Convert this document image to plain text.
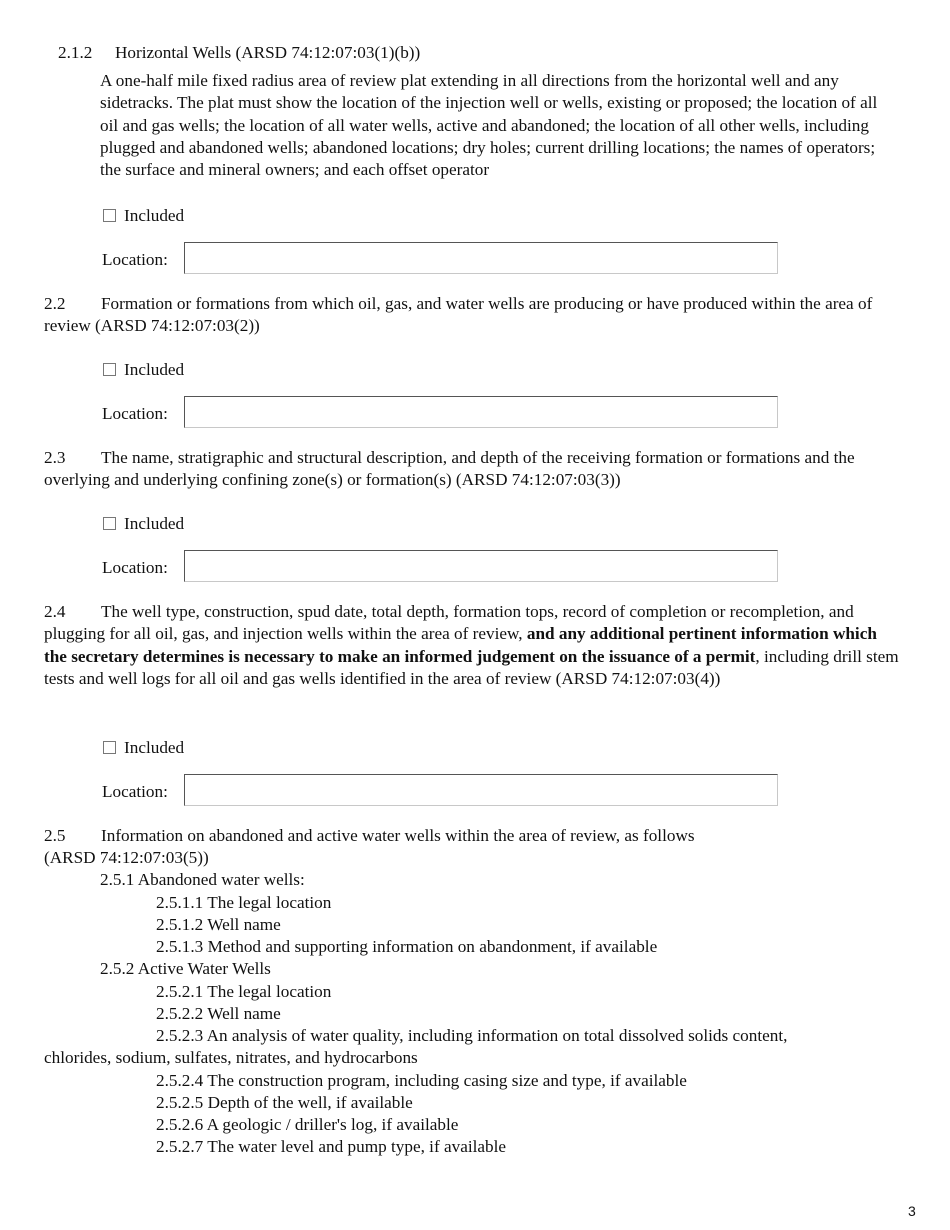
2.1.2 Horizontal Wells (ARSD 74:12:07:03(1)(b))
A one-half mile fixed radius area of review plat extending in all directions from the horizontal well and any sidetracks. The plat must show the location of the injection well or wells, existing or proposed; the location of all oil and gas wells; the location of all water wells, active and abandoned; the location of all other wells, including plugged and abandoned wells; abandoned locations; dry holes; current drilling locations; the names of operators; the surface and mineral owners; and each offset operator
Included
Location:
2.2 Formation or formations from which oil, gas, and water wells are producing or have produced within the area of review (ARSD 74:12:07:03(2))
Included
Location:
2.3 The name, stratigraphic and structural description, and depth of the receiving formation or formations and the overlying and underlying confining zone(s) or formation(s) (ARSD 74:12:07:03(3))
Included
Location:
2.4 The well type, construction, spud date, total depth, formation tops, record of completion or recompletion, and plugging for all oil, gas, and injection wells within the area of review, and any additional pertinent information which the secretary determines is necessary to make an informed judgement on the issuance of a permit, including drill stem tests and well logs for all oil and gas wells identified in the area of review (ARSD 74:12:07:03(4))
Included
Location:
2.5 Information on abandoned and active water wells within the area of review, as follows
(ARSD 74:12:07:03(5))
2.5.1 Abandoned water wells:
2.5.1.1 The legal location
2.5.1.2 Well name
2.5.1.3 Method and supporting information on abandonment, if available
2.5.2 Active Water Wells
2.5.2.1 The legal location
2.5.2.2 Well name
2.5.2.3 An analysis of water quality, including information on total dissolved solids content,
chlorides, sodium, sulfates, nitrates, and hydrocarbons
2.5.2.4 The construction program, including casing size and type, if available
2.5.2.5 Depth of the well, if available
2.5.2.6 A geologic / driller's log, if available
2.5.2.7 The water level and pump type, if available
3
